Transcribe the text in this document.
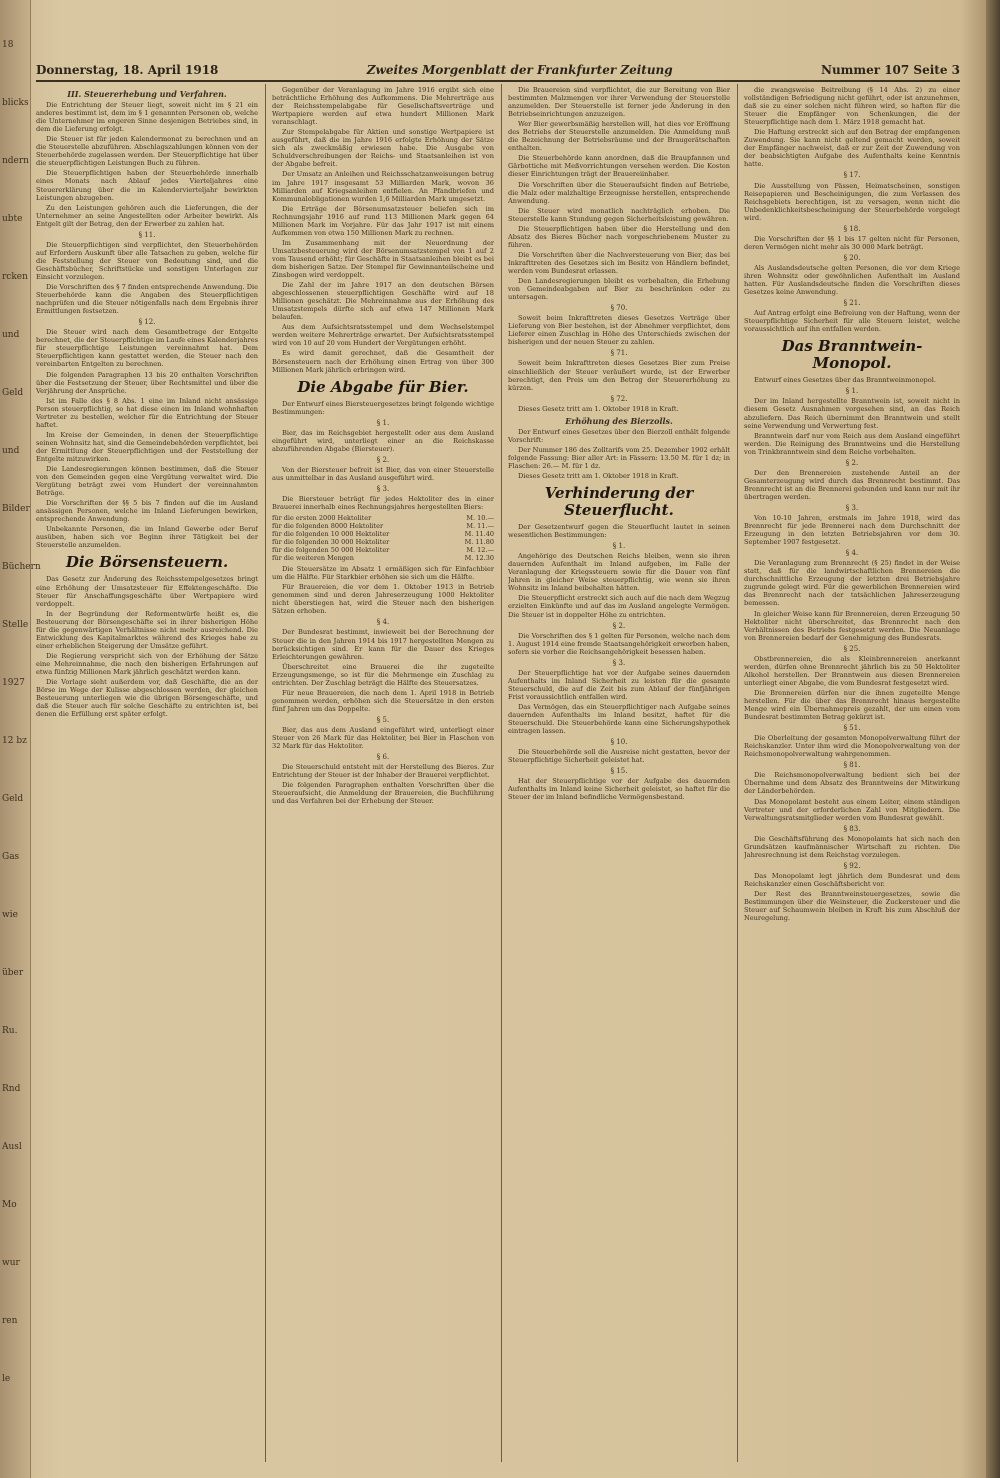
18
blicks
ndern
ubte
rcken
und
Geld
und
Bilder
Büchern
Stelle
1927
12 bz
Geld
Gas
wie
über
Ru.
Rnd
Ausl
Mo
wur
ren
le
Donnerstag, 18. April 1918	Zweites Morgenblatt der Frankfurter Zeitung	Nummer 107 Seite 3
III. Steuererhebung und Verfahren.

Die Entrichtung der Steuer liegt, soweit nicht im § 21 ein anderes bestimmt ist, dem im § 1 genannten Personen ob, welche die Unternehmer im engeren Sinne desjenigen Betriebes sind, in dem die Lieferung erfolgt.

Die Steuer ist für jeden Kalendermonat zu berechnen und an die Steuerstelle abzuführen. Abschlagszahlungen können von der Steuerbehörde zugelassen werden. Der Steuerpflichtige hat über die steuerpflichtigen Leistungen Buch zu führen.

Die Steuerpflichtigen haben der Steuerbehörde innerhalb eines Monats nach Ablauf jedes Vierteljahres eine Steuererklärung über die im Kalendervierteljahr bewirkten Leistungen abzugeben.

Zu den Leistungen gehören auch die Lieferungen, die der Unternehmer an seine Angestellten oder Arbeiter bewirkt. Als Entgelt gilt der Betrag, den der Erwerber zu zahlen hat.

§ 11.

Die Steuerpflichtigen sind verpflichtet, den Steuerbehörden auf Erfordern Auskunft über alle Tatsachen zu geben, welche für die Feststellung der Steuer von Bedeutung sind, und die Geschäftsbücher, Schriftstücke und sonstigen Unterlagen zur Einsicht vorzulegen.

Die Vorschriften des § 7 finden entsprechende Anwendung. Die Steuerbehörde kann die Angaben des Steuerpflichtigen nachprüfen und die Steuer nötigenfalls nach dem Ergebnis ihrer Ermittlungen festsetzen.

§ 12.

Die Steuer wird nach dem Gesamtbetrage der Entgelte berechnet, die der Steuerpflichtige im Laufe eines Kalenderjahres für steuerpflichtige Leistungen vereinnahmt hat. Dem Steuerpflichtigen kann gestattet werden, die Steuer nach den vereinbarten Entgelten zu berechnen.

Die folgenden Paragraphen 13 bis 20 enthalten Vorschriften über die Festsetzung der Steuer, über Rechtsmittel und über die Verjährung der Ansprüche.

Ist im Falle des § 8 Abs. 1 eine im Inland nicht ansässige Person steuerpflichtig, so hat diese einen im Inland wohnhaften Vertreter zu bestellen, welcher für die Entrichtung der Steuer haftet.

Im Kreise der Gemeinden, in denen der Steuerpflichtige seinen Wohnsitz hat, sind die Gemeindebehörden verpflichtet, bei der Ermittlung der Steuerpflichtigen und der Feststellung der Entgelte mitzuwirken.

Die Landesregierungen können bestimmen, daß die Steuer von den Gemeinden gegen eine Vergütung verwaltet wird. Die Vergütung beträgt zwei vom Hundert der vereinnahmten Beträge.

Die Vorschriften der §§ 5 bis 7 finden auf die im Ausland ansässigen Personen, welche im Inland Lieferungen bewirken, entsprechende Anwendung.

Unbekannte Personen, die im Inland Gewerbe oder Beruf ausüben, haben sich vor Beginn ihrer Tätigkeit bei der Steuerstelle anzumelden.

Die Börsensteuern.

Das Gesetz zur Änderung des Reichsstempelgesetzes bringt eine Erhöhung der Umsatzsteuer für Effektengeschäfte. Die Steuer für Anschaffungsgeschäfte über Wertpapiere wird verdoppelt.

In der Begründung der Reformentwürfe heißt es, die Besteuerung der Börsengeschäfte sei in ihrer bisherigen Höhe für die gegenwärtigen Verhältnisse nicht mehr ausreichend. Die Entwicklung des Kapitalmarktes während des Krieges habe zu einer erheblichen Steigerung der Umsätze geführt.

Die Regierung verspricht sich von der Erhöhung der Sätze eine Mehreinnahme, die nach den bisherigen Erfahrungen auf etwa fünfzig Millionen Mark jährlich geschätzt werden kann.

Die Vorlage sieht außerdem vor, daß Geschäfte, die an der Börse im Wege der Kulisse abgeschlossen werden, der gleichen Besteuerung unterliegen wie die übrigen Börsengeschäfte, und daß die Steuer auch für solche Geschäfte zu entrichten ist, bei denen die Erfüllung erst später erfolgt.

Gegenüber der Veranlagung im Jahre 1916 ergibt sich eine beträchtliche Erhöhung des Aufkommens. Die Mehrerträge aus der Reichsstempelabgabe für Gesellschaftsverträge und Wertpapiere werden auf etwa hundert Millionen Mark veranschlagt.

Zur Stempelabgabe für Aktien und sonstige Wertpapiere ist ausgeführt, daß die im Jahre 1916 erfolgte Erhöhung der Sätze sich als zweckmäßig erwiesen habe. Die Ausgabe von Schuldverschreibungen der Reichs- und Staatsanleihen ist von der Abgabe befreit.

Der Umsatz an Anleihen und Reichsschatzanweisungen betrug im Jahre 1917 insgesamt 53 Milliarden Mark, wovon 36 Milliarden auf Kriegsanleihen entfielen. An Pfandbriefen und Kommunalobligationen wurden 1,6 Milliarden Mark umgesetzt.

Die Erträge der Börsenumsatzsteuer beliefen sich im Rechnungsjahr 1916 auf rund 113 Millionen Mark gegen 64 Millionen Mark im Vorjahre. Für das Jahr 1917 ist mit einem Aufkommen von etwa 150 Millionen Mark zu rechnen.

Im Zusammenhang mit der Neuordnung der Umsatzbesteuerung wird der Börsenumsatzstempel von 1 auf 2 vom Tausend erhöht; für Geschäfte in Staatsanleihen bleibt es bei dem bisherigen Satze. Der Stempel für Gewinnanteilscheine und Zinsbogen wird verdoppelt.

Die Zahl der im Jahre 1917 an den deutschen Börsen abgeschlossenen steuerpflichtigen Geschäfte wird auf 18 Millionen geschätzt. Die Mehreinnahme aus der Erhöhung des Umsatzstempels dürfte sich auf etwa 147 Millionen Mark belaufen.

Aus dem Aufsichtsratsstempel und dem Wechselstempel werden weitere Mehrerträge erwartet. Der Aufsichtsratsstempel wird von 10 auf 20 vom Hundert der Vergütungen erhöht.

Es wird damit gerechnet, daß die Gesamtheit der Börsensteuern nach der Erhöhung einen Ertrag von über 300 Millionen Mark jährlich erbringen wird.

Die Abgabe für Bier.

Der Entwurf eines Biersteuergesetzes bringt folgende wichtige Bestimmungen:

§ 1.

Bier, das im Reichsgebiet hergestellt oder aus dem Ausland eingeführt wird, unterliegt einer an die Reichskasse abzuführenden Abgabe (Biersteuer).

§ 2.

Von der Biersteuer befreit ist Bier, das von einer Steuerstelle aus unmittelbar in das Ausland ausgeführt wird.

§ 3.

Die Biersteuer beträgt für jedes Hektoliter des in einer Brauerei innerhalb eines Rechnungsjahres hergestellten Biers:

für die ersten 2000 Hektoliter	M. 10.—
für die folgenden 8000 Hektoliter	M. 11.—
für die folgenden 10 000 Hektoliter	M. 11.40
für die folgenden 30 000 Hektoliter	M. 11.80
für die folgenden 50 000 Hektoliter	M. 12.—
für die weiteren Mengen	M. 12.30

Die Steuersätze im Absatz 1 ermäßigen sich für Einfachbier um die Hälfte. Für Starkbier erhöhen sie sich um die Hälfte.

Für Brauereien, die vor dem 1. Oktober 1913 in Betrieb genommen sind und deren Jahreserzeugung 1000 Hektoliter nicht überstiegen hat, wird die Steuer nach den bisherigen Sätzen erhoben.

§ 4.

Der Bundesrat bestimmt, inwieweit bei der Berechnung der Steuer die in den Jahren 1914 bis 1917 hergestellten Mengen zu berücksichtigen sind. Er kann für die Dauer des Krieges Erleichterungen gewähren.

Überschreitet eine Brauerei die ihr zugeteilte Erzeugungsmenge, so ist für die Mehrmenge ein Zuschlag zu entrichten. Der Zuschlag beträgt die Hälfte des Steuersatzes.

Für neue Brauereien, die nach dem 1. April 1918 in Betrieb genommen werden, erhöhen sich die Steuersätze in den ersten fünf Jahren um das Doppelte.

§ 5.

Bier, das aus dem Ausland eingeführt wird, unterliegt einer Steuer von 26 Mark für das Hektoliter, bei Bier in Flaschen von 32 Mark für das Hektoliter.

§ 6.

Die Steuerschuld entsteht mit der Herstellung des Bieres. Zur Entrichtung der Steuer ist der Inhaber der Brauerei verpflichtet.

Die folgenden Paragraphen enthalten Vorschriften über die Steueraufsicht, die Anmeldung der Brauereien, die Buchführung und das Verfahren bei der Erhebung der Steuer.

Die Brauereien sind verpflichtet, die zur Bereitung von Bier bestimmten Malzmengen vor ihrer Verwendung der Steuerstelle anzumelden. Der Steuerstelle ist ferner jede Änderung in den Betriebseinrichtungen anzuzeigen.

Wer Bier gewerbsmäßig herstellen will, hat dies vor Eröffnung des Betriebs der Steuerstelle anzumelden. Die Anmeldung muß die Bezeichnung der Betriebsräume und der Braugerätschaften enthalten.

Die Steuerbehörde kann anordnen, daß die Braupfannen und Gärbottiche mit Meßvorrichtungen versehen werden. Die Kosten dieser Einrichtungen trägt der Brauereiinhaber.

Die Vorschriften über die Steueraufsicht finden auf Betriebe, die Malz oder malzhaltige Erzeugnisse herstellen, entsprechende Anwendung.

Die Steuer wird monatlich nachträglich erhoben. Die Steuerstelle kann Stundung gegen Sicherheitsleistung gewähren.

Die Steuerpflichtigen haben über die Herstellung und den Absatz des Bieres Bücher nach vorgeschriebenem Muster zu führen.

Die Vorschriften über die Nachversteuerung von Bier, das bei Inkrafttreten des Gesetzes sich im Besitz von Händlern befindet, werden vom Bundesrat erlassen.

Den Landesregierungen bleibt es vorbehalten, die Erhebung von Gemeindeabgaben auf Bier zu beschränken oder zu untersagen.

§ 70.

Soweit beim Inkrafttreten dieses Gesetzes Verträge über Lieferung von Bier bestehen, ist der Abnehmer verpflichtet, dem Lieferer einen Zuschlag in Höhe des Unterschieds zwischen der bisherigen und der neuen Steuer zu zahlen.

§ 71.

Soweit beim Inkrafttreten dieses Gesetzes Bier zum Preise einschließlich der Steuer veräußert wurde, ist der Erwerber berechtigt, den Preis um den Betrag der Steuererhöhung zu kürzen.

§ 72.

Dieses Gesetz tritt am 1. Oktober 1918 in Kraft.

Erhöhung des Bierzolls.

Der Entwurf eines Gesetzes über den Bierzoll enthält folgende Vorschrift:

Der Nummer 186 des Zolltarifs vom 25. Dezember 1902 erhält folgende Fassung: Bier aller Art: in Fässern: 13.50 M. für 1 dz; in Flaschen: 26.— M. für 1 dz.

Dieses Gesetz tritt am 1. Oktober 1918 in Kraft.

Verhinderung der Steuerflucht.

Der Gesetzentwurf gegen die Steuerflucht lautet in seinen wesentlichen Bestimmungen:

§ 1.

Angehörige des Deutschen Reichs bleiben, wenn sie ihren dauernden Aufenthalt im Inland aufgeben, im Falle der Veranlagung der Kriegssteuern sowie für die Dauer von fünf Jahren in gleicher Weise steuerpflichtig, wie wenn sie ihren Wohnsitz im Inland beibehalten hätten.

Die Steuerpflicht erstreckt sich auch auf die nach dem Wegzug erzielten Einkünfte und auf das im Ausland angelegte Vermögen. Die Steuer ist in doppelter Höhe zu entrichten.

§ 2.

Die Vorschriften des § 1 gelten für Personen, welche nach dem 1. August 1914 eine fremde Staatsangehörigkeit erworben haben, sofern sie vorher die Reichsangehörigkeit besessen haben.

§ 3.

Der Steuerpflichtige hat vor der Aufgabe seines dauernden Aufenthalts im Inland Sicherheit zu leisten für die gesamte Steuerschuld, die auf die Zeit bis zum Ablauf der fünfjährigen Frist voraussichtlich entfallen wird.

Das Vermögen, das ein Steuerpflichtiger nach Aufgabe seines dauernden Aufenthalts im Inland besitzt, haftet für die Steuerschuld. Die Steuerbehörde kann eine Sicherungshypothek eintragen lassen.

§ 10.

Die Steuerbehörde soll die Ausreise nicht gestatten, bevor der Steuerpflichtige Sicherheit geleistet hat.

§ 15.

Hat der Steuerpflichtige vor der Aufgabe des dauernden Aufenthalts im Inland keine Sicherheit geleistet, so haftet für die Steuer der im Inland befindliche Vermögensbestand.

die zwangsweise Beitreibung (§ 14 Abs. 2) zu einer vollständigen Befriedigung nicht geführt, oder ist anzunehmen, daß sie zu einer solchen nicht führen wird, so haften für die Steuer die Empfänger von Schenkungen, die der Steuerpflichtige nach dem 1. März 1918 gemacht hat.

Die Haftung erstreckt sich auf den Betrag der empfangenen Zuwendung. Sie kann nicht geltend gemacht werden, soweit der Empfänger nachweist, daß er zur Zeit der Zuwendung von der beabsichtigten Aufgabe des Aufenthalts keine Kenntnis hatte.

§ 17.

Die Ausstellung von Pässen, Heimatscheinen, sonstigen Reisepapieren und Bescheinigungen, die zum Verlassen des Reichsgebiets berechtigen, ist zu versagen, wenn nicht die Unbedenklichkeitsbescheinigung der Steuerbehörde vorgelegt wird.

§ 18.

Die Vorschriften der §§ 1 bis 17 gelten nicht für Personen, deren Vermögen nicht mehr als 30 000 Mark beträgt.

§ 20.

Als Auslandsdeutsche gelten Personen, die vor dem Kriege ihren Wohnsitz oder gewöhnlichen Aufenthalt im Ausland hatten. Für Auslandsdeutsche finden die Vorschriften dieses Gesetzes keine Anwendung.

§ 21.

Auf Antrag erfolgt eine Befreiung von der Haftung, wenn der Steuerpflichtige Sicherheit für alle Steuern leistet, welche voraussichtlich auf ihn entfallen werden.

Das Branntwein-Monopol.

Entwurf eines Gesetzes über das Branntweinmonopol.

§ 1.

Der im Inland hergestellte Branntwein ist, soweit nicht in diesem Gesetz Ausnahmen vorgesehen sind, an das Reich abzuliefern. Das Reich übernimmt den Branntwein und stellt seine Verwendung und Verwertung fest.

Branntwein darf nur vom Reich aus dem Ausland eingeführt werden. Die Reinigung des Branntweins und die Herstellung von Trinkbranntwein sind dem Reiche vorbehalten.

§ 2.

Der den Brennereien zustehende Anteil an der Gesamterzeugung wird durch das Brennrecht bestimmt. Das Brennrecht ist an die Brennerei gebunden und kann nur mit ihr übertragen werden.

§ 3.

Von 10-10 Jahren, erstmals im Jahre 1918, wird das Brennrecht für jede Brennerei nach dem Durchschnitt der Erzeugung in den letzten Betriebsjahren vor dem 30. September 1907 festgesetzt.

§ 4.

Die Veranlagung zum Brennrecht (§ 25) findet in der Weise statt, daß für die landwirtschaftlichen Brennereien die durchschnittliche Erzeugung der letzten drei Betriebsjahre zugrunde gelegt wird. Für die gewerblichen Brennereien wird das Brennrecht nach der tatsächlichen Jahreserzeugung bemessen.

In gleicher Weise kann für Brennereien, deren Erzeugung 50 Hektoliter nicht überschreitet, das Brennrecht nach den Verhältnissen des Betriebs festgesetzt werden. Die Neuanlage von Brennereien bedarf der Genehmigung des Bundesrats.

§ 25.

Obstbrennereien, die als Kleinbrennereien anerkannt werden, dürfen ohne Brennrecht jährlich bis zu 50 Hektoliter Alkohol herstellen. Der Branntwein aus diesen Brennereien unterliegt einer Abgabe, die vom Bundesrat festgesetzt wird.

Die Brennereien dürfen nur die ihnen zugeteilte Menge herstellen. Für die über das Brennrecht hinaus hergestellte Menge wird ein Übernahmepreis gezahlt, der um einen vom Bundesrat bestimmten Betrag gekürzt ist.

§ 51.

Die Oberleitung der gesamten Monopolverwaltung führt der Reichskanzler. Unter ihm wird die Monopolverwaltung von der Reichsmonopolverwaltung wahrgenommen.

§ 81.

Die Reichsmonopolverwaltung bedient sich bei der Übernahme und dem Absatz des Branntweins der Mitwirkung der Länderbehörden.

Das Monopolamt besteht aus einem Leiter, einem ständigen Vertreter und der erforderlichen Zahl von Mitgliedern. Die Verwaltungsratsmitglieder werden vom Bundesrat gewählt.

§ 83.

Die Geschäftsführung des Monopolamts hat sich nach den Grundsätzen kaufmännischer Wirtschaft zu richten. Die Jahresrechnung ist dem Reichstag vorzulegen.

§ 92.

Das Monopolamt legt jährlich dem Bundesrat und dem Reichskanzler einen Geschäftsbericht vor.

Der Rest des Branntweinsteuergesetzes, sowie die Bestimmungen über die Weinsteuer, die Zuckersteuer und die Steuer auf Schaumwein bleiben in Kraft bis zum Abschluß der Neuregelung.
